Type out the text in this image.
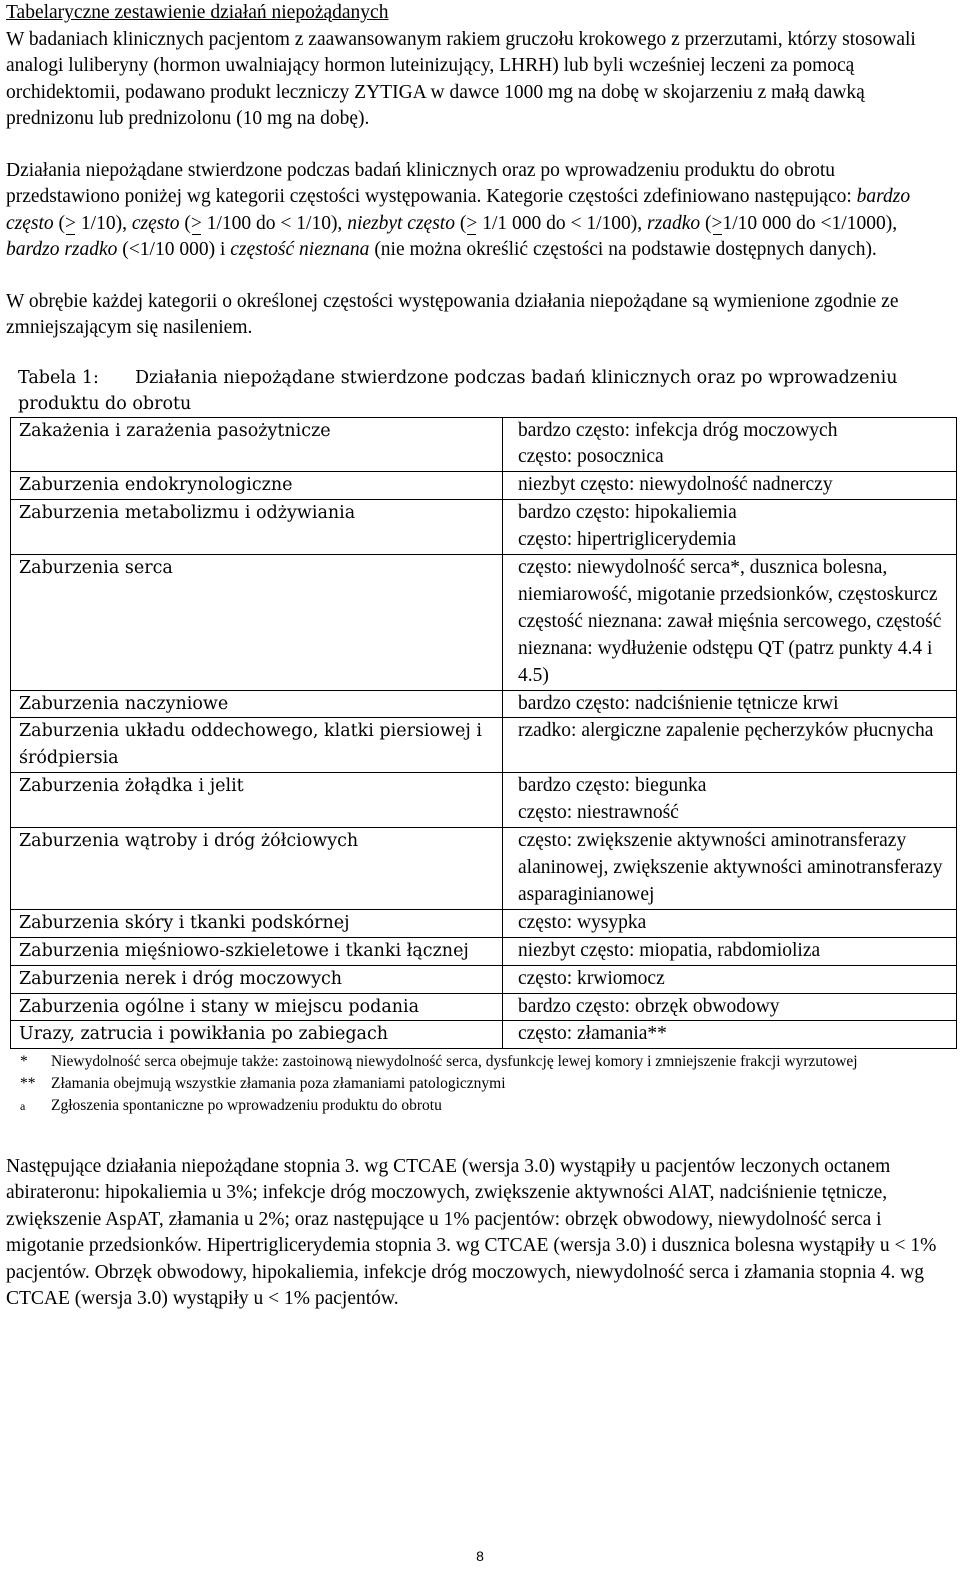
Tabelaryczne zestawienie działań niepożądanych

W badaniach klinicznych pacjentom z zaawansowanym rakiem gruczołu krokowego z przerzutami, którzy stosowali analogi luliberyny (hormon uwalniający hormon luteinizujący, LHRH) lub byli wcześniej leczeni za pomocą orchidektomii, podawano produkt leczniczy ZYTIGA w dawce 1000 mg na dobę w skojarzeniu z małą dawką prednizonu lub prednizolonu (10 mg na dobę).

Działania niepożądane stwierdzone podczas badań klinicznych oraz po wprowadzeniu produktu do obrotu przedstawiono poniżej wg kategorii częstości występowania. Kategorie częstości zdefiniowano następująco: bardzo często (> 1/10), często (> 1/100 do < 1/10), niezbyt często (> 1/1 000 do < 1/100), rzadko (>1/10 000 do <1/1000), bardzo rzadko (<1/10 000) i częstość nieznana (nie można określić częstości na podstawie dostępnych danych).

W obrębie każdej kategorii o określonej częstości występowania działania niepożądane są wymienione zgodnie ze zmniejszającym się nasileniem.

Tabela 1: Działania niepożądane stwierdzone podczas badań klinicznych oraz po wprowadzeniu produktu do obrotu
Zakażenia i zarażenia pasożytnicze	bardzo często: infekcja dróg moczowych
często: posocznica

Zaburzenia endokrynologiczne	niezbyt często: niewydolność nadnerczy

Zaburzenia metabolizmu i odżywiania	bardzo często: hipokaliemia
często: hipertriglicerydemia

Zaburzenia serca	często: niewydolność serca*, dusznica bolesna, niemiarowość, migotanie przedsionków, częstoskurcz
częstość nieznana: zawał mięśnia sercowego, częstość nieznana: wydłużenie odstępu QT (patrz punkty 4.4 i 4.5)

Zaburzenia naczyniowe	bardzo często: nadciśnienie tętnicze krwi

Zaburzenia układu oddechowego, klatki piersiowej i śródpiersia	rzadko: alergiczne zapalenie pęcherzyków płucnycha

Zaburzenia żołądka i jelit	bardzo często: biegunka
często: niestrawność

Zaburzenia wątroby i dróg żółciowych	często: zwiększenie aktywności aminotransferazy alaninowej, zwiększenie aktywności aminotransferazy asparaginianowej

Zaburzenia skóry i tkanki podskórnej	często: wysypka

Zaburzenia mięśniowo-szkieletowe i tkanki łącznej	niezbyt często: miopatia, rabdomioliza

Zaburzenia nerek i dróg moczowych	często: krwiomocz

Zaburzenia ogólne i stany w miejscu podania	bardzo często: obrzęk obwodowy

Urazy, zatrucia i powikłania po zabiegach	często: złamania**
*	Niewydolność serca obejmuje także: zastoinową niewydolność serca, dysfunkcję lewej komory i zmniejszenie frakcji wyrzutowej
**	Złamania obejmują wszystkie złamania poza złamaniami patologicznymi
$^a$	Zgłoszenia spontaniczne po wprowadzeniu produktu do obrotu

Następujące działania niepożądane stopnia 3. wg CTCAE (wersja 3.0) wystąpiły u pacjentów leczonych octanem abirateronu: hipokaliemia u 3%; infekcje dróg moczowych, zwiększenie aktywności AlAT, nadciśnienie tętnicze, zwiększenie AspAT, złamania u 2%; oraz następujące u 1% pacjentów: obrzęk obwodowy, niewydolność serca i migotanie przedsionków. Hipertriglicerydemia stopnia 3. wg CTCAE (wersja 3.0) i dusznica bolesna wystąpiły u < 1% pacjentów. Obrzęk obwodowy, hipokaliemia, infekcje dróg moczowych, niewydolność serca i złamania stopnia 4. wg CTCAE (wersja 3.0) wystąpiły u < 1% pacjentów.

8
